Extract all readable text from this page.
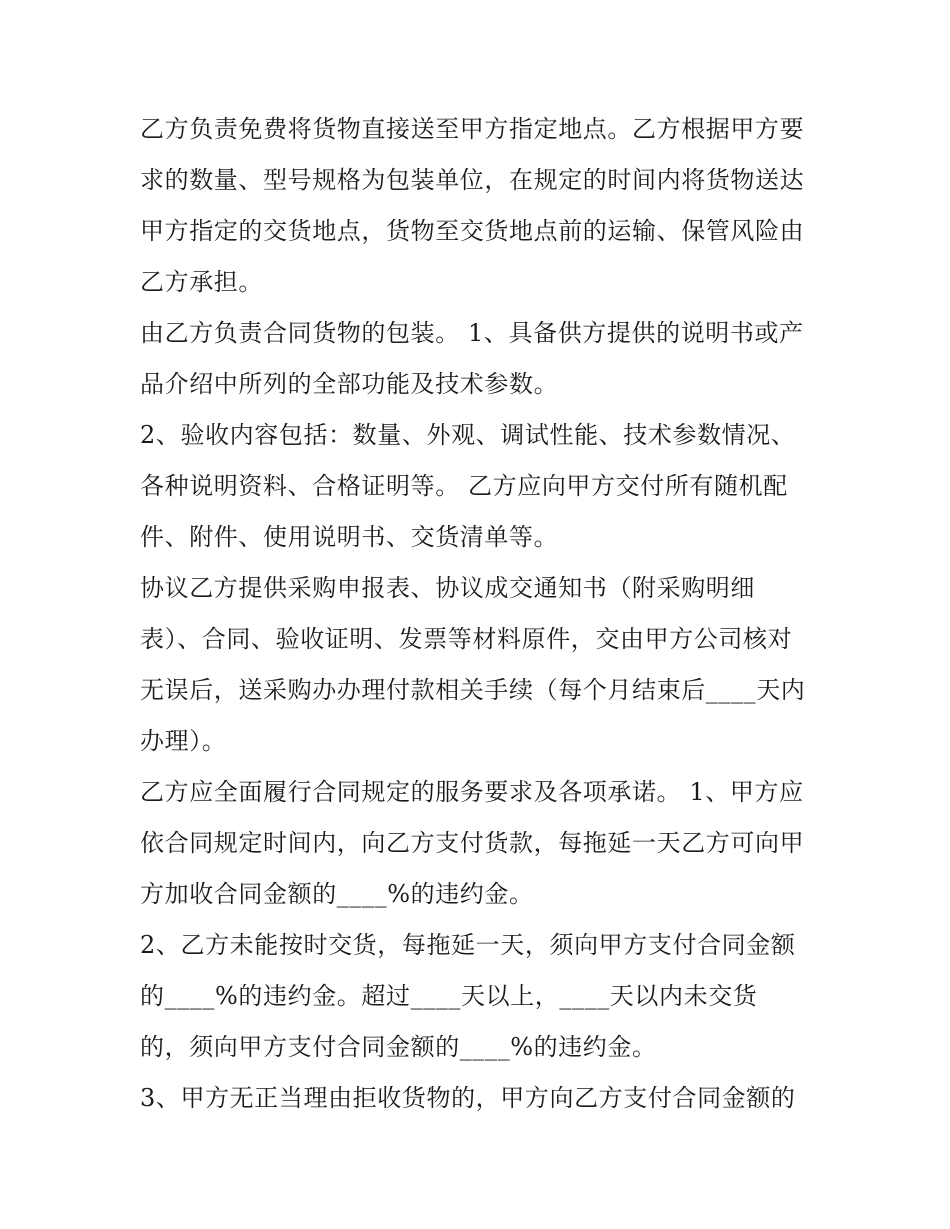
乙方负责免费将货物直接送至甲方指定地点。乙方根据甲方要

求的数量、型号规格为包装单位，在规定的时间内将货物送达

甲方指定的交货地点，货物至交货地点前的运输、保管风险由

乙方承担。

由乙方负责合同货物的包装。 1、具备供方提供的说明书或产

品介绍中所列的全部功能及技术参数。

2、验收内容包括：数量、外观、调试性能、技术参数情况、

各种说明资料、合格证明等。 乙方应向甲方交付所有随机配

件、附件、使用说明书、交货清单等。

协议乙方提供采购申报表、协议成交通知书（附采购明细

表）、合同、验收证明、发票等材料原件，交由甲方公司核对

无误后，送采购办办理付款相关手续（每个月结束后____天内

办理）。

乙方应全面履行合同规定的服务要求及各项承诺。 1、甲方应

依合同规定时间内，向乙方支付货款，每拖延一天乙方可向甲

方加收合同金额的____%的违约金。

2、乙方未能按时交货，每拖延一天，须向甲方支付合同金额

的____%的违约金。超过____天以上，____天以内未交货

的，须向甲方支付合同金额的____%的违约金。

3、甲方无正当理由拒收货物的，甲方向乙方支付合同金额的
